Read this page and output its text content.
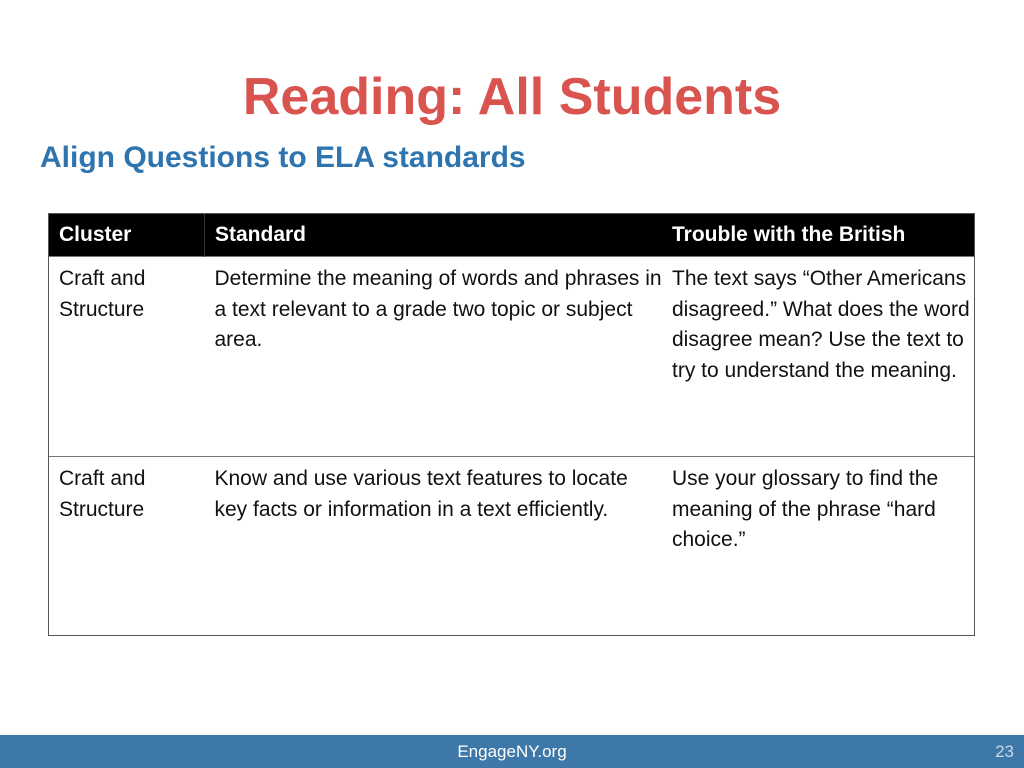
Reading: All Students
Align Questions to ELA standards
Cluster	Standard	Trouble with the British
Craft and Structure	Determine the meaning of words and phrases in a text relevant to a grade two topic or subject area.	The text says “Other Americans disagreed.” What does the word disagree mean? Use the text to try to understand the meaning.
Craft and Structure	Know and use various text features to locate key facts or information in a text efficiently.	Use your glossary to find the meaning of the phrase “hard choice.”
EngageNY.org	23
